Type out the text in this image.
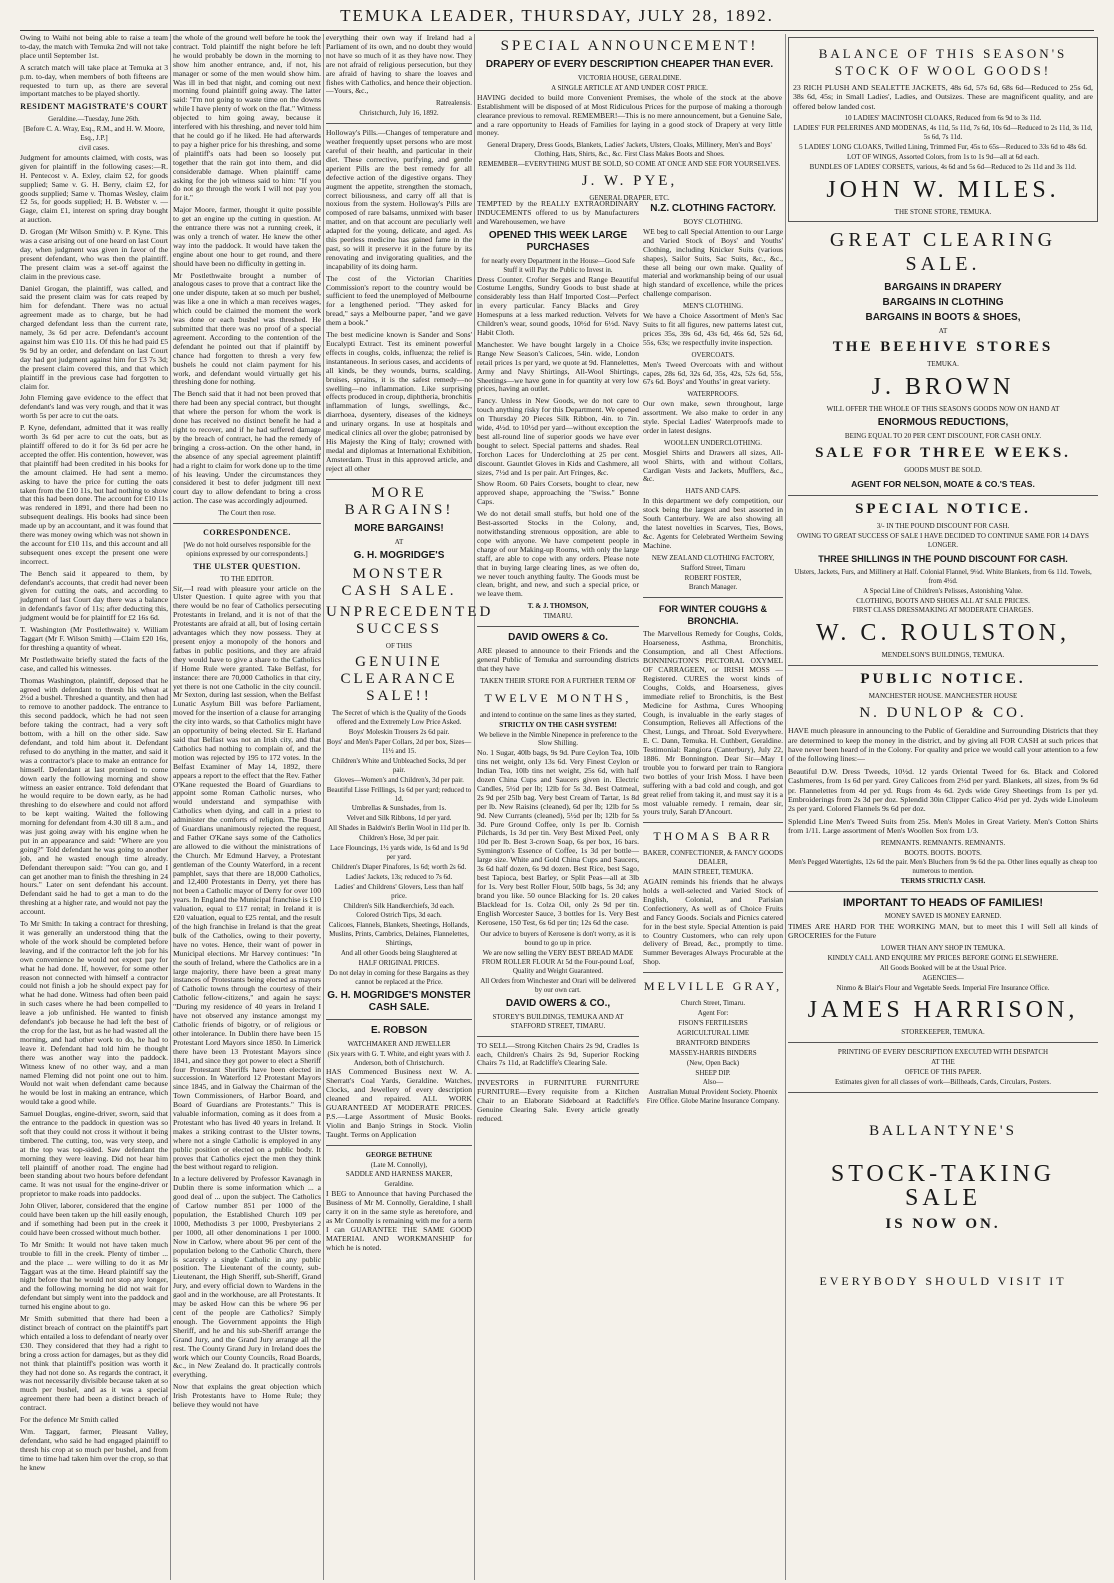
TEMUKA LEADER, THURSDAY, JULY 28, 1892.

Owing to Waihi not being able to raise a team to-day, the match with Temuka 2nd will not take place until September 1st.

A scratch match will take place at Temuka at 3 p.m. to-day, when members of both fifteens are requested to turn up, as there are several important matches to be played shortly.

RESIDENT MAGISTRATE'S COURT
Geraldine.—Tuesday, June 26th.
[Before C. A. Wray, Esq., R.M., and H. W. Moore, Esq., J.P.]
civil cases.

Judgment for amounts claimed, with costs, was given for plaintiff in the following cases:—R. H. Pentecost v. A. Exley, claim £2, for goods supplied; Same v. G. H. Berry, claim £2, for goods supplied; Same v. Thomas Wesley, claim £2 5s, for goods supplied; H. B. Webster v. — Gage, claim £1, interest on spring dray bought at auction.

D. Grogan (Mr Wilson Smith) v. P. Kyne. This was a case arising out of one heard on last Court day, when judgment was given in favor of the present defendant, who was then the plaintiff. The present claim was a set-off against the claim in the previous case.

Daniel Grogan, the plaintiff, was called, and said the present claim was for cats reaped by him for defendant. There was no actual agreement made as to charge, but he had charged defendant less than the current rate, namely, 3s 6d per acre. Defendant's account against him was £10 11s. Of this he had paid £5 9s 9d by an order, and defendant on last Court day had got judgment against him for £3 7s 3d; the present claim covered this, and that which plaintiff in the previous case had forgotten to claim for.

John Fleming gave evidence to the effect that defendant's land was very rough, and that it was worth 5s per acre to cut the oats.

P. Kyne, defendant, admitted that it was really worth 3s 6d per acre to cut the oats, but as plaintiff offered to do it for 3s 6d per acre he accepted the offer. His contention, however, was that plaintiff had been credited in his books for the amount claimed. He had sent a memo. asking to have the price for cutting the oats taken from the £10 11s, but had nothing to show that this had been done. The account for £10 11s was rendered in 1891, and there had been no subsequent dealings. His books had since been made up by an accountant, and it was found that there was money owing which was not shown in the account for £10 11s, and this account and all subsequent ones except the present one were incorrect.

The Bench said it appeared to them, by defendant's accounts, that credit had never been given for cutting the oats, and according to judgment of last Court day there was a balance in defendant's favor of 11s; after deducting this, judgment would be for plaintiff for £2 16s 6d.

T. Washington (Mr Postlethwaite) v. William Taggart (Mr F. Wilson Smith) —Claim £20 16s, for threshing a quantity of wheat.

Mr Postlethwaite briefly stated the facts of the case, and called his witnesses.

Thomas Washington, plaintiff, deposed that he agreed with defendant to thresh his wheat at 2½d a bushel. Threshed a quantity, and then had to remove to another paddock. The entrance to this second paddock, which he had not seen before taking the contract, had a very soft bottom, with a hill on the other side. Saw defendant, and told him about it. Defendant refused to do anything in the matter, and said it was a contractor's place to make an entrance for himself. Defendant at last promised to come down early the following morning and show witness an easier entrance. Told defendant that he would require to be down early, as he had threshing to do elsewhere and could not afford to be kept waiting. Waited the following morning for defendant from 4.30 till 8 a.m., and was just going away with his engine when he put in an appearance and said: "Where are you going?" Told defendant he was going to another job, and he wasted enough time already. Defendant thereupon said: "You can go, and I can get another man to finish the threshing in 24 hours." Later on sent defendant his account. Defendant said he had to get a man to do the threshing at a higher rate, and would not pay the account.

To Mr Smith: In taking a contract for threshing, it was generally an understood thing that the whole of the work should be completed before leaving, and if the contractor left the job for his own convenience he would not expect pay for what he had done. If, however, for some other reason not connected with himself a contractor could not finish a job he should expect pay for what he had done. Witness had often been paid in such cases where he had been compelled to leave a job unfinished. He wanted to finish defendant's job because he had left the best of the crop for the last, but as he had wasted all the morning, and had other work to do, he had to leave it. Defendant had told him he thought there was another way into the paddock. Witness knew of no other way, and a man named Fleming did not point one out to him. Would not wait when defendant came because he would be lost in making an entrance, which would take a good while.

Samuel Douglas, engine-driver, sworn, said that the entrance to the paddock in question was so soft that they could not cross it without it being timbered. The cutting, too, was very steep, and at the top was top-sided. Saw defendant the morning they were leaving. Did not hear him tell plaintiff of another road. The engine had been standing about two hours before defendant came. It was not usual for the engine-driver or proprietor to make roads into paddocks.

John Oliver, laborer, considered that the engine could have been taken up the hill easily enough, and if something had been put in the creek it could have been crossed without much bother.

To Mr Smith: It would not have taken much trouble to fill in the creek. Plenty of timber ... and the place ... were willing to do it as Mr Taggart was at the time. Heard plaintiff say the night before that he would not stop any longer, and the following morning he did not wait for defendant but simply went into the paddock and turned his engine about to go.

Mr Smith submitted that there had been a distinct breach of contract on the plaintiff's part which entailed a loss to defendant of nearly over £30. They considered that they had a right to bring a cross action for damages, but as they did not think that plaintiff's position was worth it they had not done so. As regards the contract, it was not necessarily divisible because taken at so much per bushel, and as it was a special agreement there had been a distinct breach of contract.

For the defence Mr Smith called

Wm. Taggart, farmer, Pleasant Valley, defendant, who said he had engaged plaintiff to thresh his crop at so much per bushel, and from time to time had taken him over the crop, so that he knew

the whole of the ground well before he took the contract. Told plaintiff the night before he left he would probably be down in the morning to show him another entrance, and, if not, his manager or some of the men would show him. Was ill in bed that night, and coming out next morning found plaintiff going away. The latter said: "I'm not going to waste time on the downs while I have plenty of work on the flat." Witness objected to him going away, because it interfered with his threshing, and never told him that he could go if he liked. He had afterwards to pay a higher price for his threshing, and some of plaintiff's oats had been so loosely put together that the rain got into them, and did considerable damage. When plaintiff came asking for the job witness said to him: "If you do not go through the work I will not pay you for it."

Major Moore, farmer, thought it quite possible to get an engine up the cutting in question. At the entrance there was not a running creek, it was only a trench of water. He knew the other way into the paddock. It would have taken the engine about one hour to get round, and there should have been no difficulty in getting in.

Mr Postlethwaite brought a number of analogous cases to prove that a contract like the one under dispute, taken at so much per bushel, was like a one in which a man receives wages, which could be claimed the moment the work was done or each bushel was threshed. He submitted that there was no proof of a special agreement. According to the contention of the defendant he pointed out that if plaintiff by chance had forgotten to thresh a very few bushels he could not claim payment for his work, and defendant would virtually get his threshing done for nothing.

The Bench said that it had not been proved that there had been any special contract, but thought that where the person for whom the work is done has received no distinct benefit he had a right to recover, and if he had suffered damage by the breach of contract, he had the remedy of bringing a cross-action. On the other hand, in the absence of any special agreement plaintiff had a right to claim for work done up to the time of his leaving. Under the circumstances they considered it best to defer judgment till next court day to allow defendant to bring a cross action. The case was accordingly adjourned.

The Court then rose.
CORRESPONDENCE.
[We do not hold ourselves responsible for the opinions expressed by our correspondents.]
THE ULSTER QUESTION.
TO THE EDITOR.

Sir,—I read with pleasure your article on the Ulster Question. I quite agree with you that there would be no fear of Catholics persecuting Protestants in Ireland, and it is not of that the Protestants are afraid at all, but of losing certain advantages which they now possess. They at present enjoy a monopoly of the honors and fatbas in public positions, and they are afraid they would have to give a share to the Catholics if Home Rule were granted. Take Belfast, for instance: there are 70,000 Catholics in that city, yet there is not one Catholic in the city council. Mr Sexton, during last session, when the Belfast Lunatic Asylum Bill was before Parliament, moved for the insertion of a clause for arranging the city into wards, so that Catholics might have an opportunity of being elected. Sir E. Harland said that Belfast was not an Irish city, and that Catholics had nothing to complain of, and the motion was rejected by 195 to 172 votes. In the Belfast Examiner of May 14, 1892, there appears a report to the effect that the Rev. Father O'Kane requested the Board of Guardians to appoint some Roman Catholic nurses, who would understand and sympathise with Catholics when dying, and call in a priest to administer the comforts of religion. The Board of Guardians unanimously rejected the request, and Father O'Kane says some of the Catholics are allowed to die without the ministrations of the Church. Mr Edmund Harvey, a Protestant gentleman of the County Waterford, in a recent pamphlet, says that there are 18,000 Catholics, and 12,400 Protestants in Derry, yet there has not been a Catholic mayor of Derry for over 100 years. In England the Municipal franchise is £10 valuation, equal to £17 rental; in Ireland it is £20 valuation, equal to £25 rental, and the result of the high franchise in Ireland is that the great bulk of the Catholics, owing to their poverty, have no votes. Hence, their want of power in Municipal elections. Mr Harvey continues: "In the south of Ireland, where the Catholics are in a large majority, there have been a great many instances of Protestants being elected as mayors of Catholic towns through the courtesy of their Catholic fellow-citizens," and again he says: "During my residence of 40 years in Ireland I have not observed any instance amongst my Catholic friends of bigotry, or of religious or other intolerance. In Dublin there have been 15 Protestant Lord Mayors since 1850. In Limerick there have been 13 Protestant Mayors since 1841, and since they got power to elect a Sheriff four Protestant Sheriffs have been elected in succession. In Waterford 12 Protestant Mayors since 1845, and in Galway the Chairman of the Town Commissioners, of Harbor Board, and Board of Guardians are Protestants." This is valuable information, coming as it does from a Protestant who has lived 40 years in Ireland. It makes a striking contrast to the Ulster towns, where not a single Catholic is employed in any public position or elected on a public body. It proves that Catholics eject the men they think the best without regard to religion.

In a lecture delivered by Professor Kavanagh in Dublin there is some information which ... a good deal of ... upon the subject. The Catholics of Carlow number 851 per 1000 of the population, the Established Church 109 per 1000, Methodists 3 per 1000, Presbyterians 2 per 1000, all other denominations 1 per 1000. Now in Carlow, where about 96 per cent of the population belong to the Catholic Church, there is scarcely a single Catholic in any public position. The Lieutenant of the county, sub-Lieutenant, the High Sheriff, sub-Sheriff, Grand Jury, and every official down to Wardens in the gaol and in the workhouse, are all Protestants. It may be asked How can this be where 96 per cent of the people are Catholics? Simply enough. The Government appoints the High Sheriff, and he and his sub-Sheriff arrange the Grand Jury, and the Grand Jury arrange all the rest. The County Grand Jury in Ireland does the work which our County Councils, Road Boards, &c., in New Zealand do. It practically controls everything.

Now that explains the great objection which Irish Protestants have to Home Rule; they believe they would not have

everything their own way if Ireland had a Parliament of its own, and no doubt they would not have so much of it as they have now. They are not afraid of religious persecution, but they are afraid of having to share the loaves and fishes with Catholics, and hence their objection. —Yours, &c.,

Ratrealensis.
Christchurch, July 16, 1892.

Holloway's Pills.—Changes of temperature and weather frequently upset persons who are most careful of their health, and particular in their diet. These corrective, purifying, and gentle aperient Pills are the best remedy for all defective action of the digestive organs. They augment the appetite, strengthen the stomach, correct biliousness, and carry off all that is noxious from the system. Holloway's Pills are composed of rare balsams, unmixed with baser matter, and on that account are peculiarly well adapted for the young, delicate, and aged. As this peerless medicine has gained fame in the past, so will it preserve it in the future by its renovating and invigorating qualities, and the incapability of its doing harm.

The cost of the Victorian Charities Commission's report to the country would be sufficient to feed the unemployed of Melbourne for a lengthened period. "They asked for bread," says a Melbourne paper, "and we gave them a book."

The best medicine known is Sander and Sons' Eucalypti Extract. Test its eminent powerful effects in coughs, colds, influenza; the relief is instantaneous. In serious cases, and accidents of all kinds, be they wounds, burns, scalding, bruises, sprains, it is the safest remedy—no swelling—no inflammation. Like surprising effects produced in croup, diphtheria, bronchitis inflammation of lungs, swellings, &c., diarrhoea, dysentery, diseases of the kidneys and urinary organs. In use at hospitals and medical clinics all over the globe; patronised by His Majesty the King of Italy; crowned with medal and diplomas at International Exhibition, Amsterdam. Trust in this approved article, and reject all other

MORE BARGAINS!
MORE BARGAINS!
AT
G. H. MOGRIDGE'S
MONSTER CASH SALE.
UNPRECEDENTED SUCCESS
OF THIS
GENUINE CLEARANCE SALE!!
The Secret of which is the Quality of the Goods offered and the Extremely Low Price Asked.
Boys' Moleskin Trousers 2s 6d pair.
Boys' and Men's Paper Collars, 2d per box, Sizes—11½ and 15.
Children's White and Unbleached Socks, 3d per pair.
Gloves—Women's and Children's, 3d per pair.
Beautiful Lisse Frillings, 1s 6d per yard; reduced to 1d.
Umbrellas & Sunshades, from 1s.
Velvet and Silk Ribbons, 1d per yard.
All Shades in Baldwin's Berlin Wool in 11d per lb.
Children's Hose, 3d per pair.
Lace Flouncings, 1½ yards wide, 1s 6d and 1s 9d per yard.
Children's Diaper Pinafores, 1s 6d; worth 2s 6d.
Ladies' Jackets, 13s; reduced to 7s 6d.
Ladies' and Childrens' Glovers, Less than half price.
Children's Silk Handkerchiefs, 3d each.
Colored Ostrich Tips, 3d each.
Calicoes, Flannels, Blankets, Sheetings, Hollands, Muslins, Prints, Cambrics, Delaines, Flannelettes, Shirtings,
And all other Goods being Slaughtered at
HALF ORIGINAL PRICES.
Do not delay in coming for these Bargains as they cannot be replaced at the Price.
G. H. MOGRIDGE'S MONSTER CASH SALE.
E. ROBSON
WATCHMAKER AND JEWELLER
(Six years with G. T. White, and eight years with J. Anderson, both of Christchurch.

HAS Commenced Business next W. A. Sherratt's Coal Yards, Geraldine. Watches, Clocks, and Jewellery of every description cleaned and repaired. ALL WORK GUARANTEED AT MODERATE PRICES. P.S.—Large Assortment of Music Books. Violin and Banjo Strings in Stock. Violin Taught. Terms on Application

GEORGE BETHUNE
(Late M. Connolly),
SADDLE AND HARNESS MAKER,
Geraldine.

I BEG to Announce that having Purchased the Business of Mr M. Connolly, Geraldine, I shall carry it on in the same style as heretofore, and as Mr Connolly is remaining with me for a term I can GUARANTEE THE SAME GOOD MATERIAL AND WORKMANSHIP for which he is noted.

SPECIAL ANNOUNCEMENT!
DRAPERY OF EVERY DESCRIPTION CHEAPER THAN EVER.
VICTORIA HOUSE, GERALDINE.
A SINGLE ARTICLE AT AND UNDER COST PRICE.

HAVING decided to build more Convenient Premises, the whole of the stock at the above Establishment will be disposed of at Most Ridiculous Prices for the purpose of making a thorough clearance previous to removal. REMEMBER!—This is no mere announcement, but a Genuine Sale, and a rare opportunity to Heads of Families for laying in a good stock of Drapery at very little money.

General Drapery, Dress Goods, Blankets, Ladies' Jackets, Ulsters, Cloaks, Millinery, Men's and Boys' Clothing, Hats, Shirts, &c., &c. First Class Makes Boots and Shoes.
REMEMBER—EVERYTHING MUST BE SOLD, SO COME AT ONCE AND SEE FOR YOURSELVES.
J. W. PYE,
GENERAL DRAPER, ETC.

TEMPTED by the REALLY EXTRAORDINARY INDUCEMENTS offered to us by Manufacturers and Warehousemen, we have

OPENED THIS WEEK LARGE PURCHASES
for nearly every Department in the House—Good Safe Stuff it will Pay the Public to Invest in.

Dress Counter. Crofter Serges and Range Beautiful Costume Lengths, Sundry Goods to bust shade at considerably less than Half Imported Cost—Perfect in every particular. Fancy Blacks and Grey Homespuns at a less marked reduction. Velvets for Children's wear, sound goods, 10½d for 6½d. Navy Habit Cloth.

Manchester. We have bought largely in a Choice Range New Season's Calicoes, 54in. wide, London retail prices 1s per yard, we quote at 9d. Flannelettes, Army and Navy Shirtings, All-Wool Shirtings, Sheetings—we have gone in for quantity at very low prices, having an outlet.

Fancy. Unless in New Goods, we do not care to touch anything risky for this Department. We opened on Thursday 20 Pieces Silk Ribbon, 4in. to 7in. wide, 4½d. to 10½d per yard—without exception the best all-round line of superior goods we have ever bought to select. Special patterns and shades. Real Torchon Laces for Underclothing at 25 per cent. discount. Gauntlet Gloves in Kids and Cashmere, all sizes, 7½d and 1s per pair. Art Fringes, &c.

Show Room. 60 Pairs Corsets, bought to clear, new approved shape, approaching the "Swiss." Bonne Caps.

We do not detail small stuffs, but hold one of the Best-assorted Stocks in the Colony, and, notwithstanding strenuous opposition, are able to cope with anyone. We have competent people in charge of our Making-up Rooms, with only the large staff, are able to cope with any orders. Please note that in buying large clearing lines, as we often do, we never touch anything faulty. The Goods must be clean, bright, and new, and such a special price, or we leave them.

T. & J. THOMSON,
TIMARU.
DAVID OWERS & Co.

ARE pleased to announce to their Friends and the general Public of Temuka and surrounding districts that they have

TAKEN THEIR STORE FOR A FURTHER TERM OF
TWELVE MONTHS,
and intend to continue on the same lines as they started,
STRICTLY ON THE CASH SYSTEM!
We believe in the Nimble Ninepence in preference to the Slow Shilling.

No. 1 Sugar, 40lb bags, 9s 9d. Pure Ceylon Tea, 10lb tins net weight, only 13s 6d. Very Finest Ceylon or Indian Tea, 10lb tins net weight, 25s 6d, with half dozen China Cups and Saucers given in. Electric Candles, 5½d per lb; 12lb for 5s 3d. Best Oatmeal, 2s 9d per 25lb bag. Very best Cream of Tartar, 1s 8d per lb. New Raisins (cleaned), 6d per lb; 12lb for 5s 9d. New Currants (cleaned), 5½d per lb; 12lb for 5s 3d. Pure Ground Coffee, only 1s per lb. Cornish Pilchards, 1s 3d per tin. Very Best Mixed Peel, only 10d per lb. Best 3-crown Soap, 6s per box, 16 bars. Symington's Essence of Coffee, 1s 3d per bottle—large size. White and Gold China Cups and Saucers, 3s 6d half dozen, 6s 9d dozen. Best Rice, best Sago, best Tapioca, best Barley, or Split Peas—all at 3lb for 1s. Very best Roller Flour, 50lb bags, 5s 3d; any brand you like. 50 ounce Blacking for 1s. 20 cakes Blacklead for 1s. Colza Oil, only 2s 9d per tin. English Worcester Sauce, 3 bottles for 1s. Very Best Kerosene, 150 Test, 6s 6d per tin; 12s 6d the case.

Our advice to buyers of Kerosene is don't worry, as it is bound to go up in price.
We are now selling the VERY BEST BREAD MADE FROM ROLLER FLOUR At 5d the Four-pound Loaf, Quality and Weight Guaranteed.
All Orders from Winchester and Orari will be delivered by our own cart.
DAVID OWERS & CO.,
STOREY'S BUILDINGS, TEMUKA AND AT STAFFORD STREET, TIMARU.

TO SELL—Strong Kitchen Chairs 2s 9d, Cradles 1s each, Children's Chairs 2s 9d, Superior Rocking Chairs 7s 11d, at Radcliffe's Clearing Sale.

INVESTORS in FURNITURE FURNITURE FURNITURE—Every requisite from a Kitchen Chair to an Elaborate Sideboard at Radcliffe's Genuine Clearing Sale. Every article greatly reduced.

N.Z. CLOTHING FACTORY.
BOYS' CLOTHING.

WE beg to call Special Attention to our Large and Varied Stock of Boys' and Youths' Clothing, including Knicker Suits (various shapes), Sailor Suits, Sac Suits, &c., &c., these all being our own make. Quality of material and workmanship being of our usual high standard of excellence, while the prices challenge comparison.

MEN'S CLOTHING.

We have a Choice Assortment of Men's Sac Suits to fit all figures, new patterns latest cut, prices 35s, 39s 6d, 43s 6d, 46s 6d, 52s 6d, 55s, 63s; we respectfully invite inspection.

OVERCOATS.

Men's Tweed Overcoats with and without capes, 28s 6d, 32s 6d, 35s, 42s, 52s 6d, 55s, 67s 6d. Boys' and Youths' in great variety.

WATERPROOFS.

Our own make, sewn throughout, large assortment. We also make to order in any style. Special Ladies' Waterproofs made to order in latest designs.

WOOLLEN UNDERCLOTHING.

Mosgiel Shirts and Drawers all sizes, All-wool Shirts, with and without Collars, Cardigan Vests and Jackets, Mufflers, &c., &c.

HATS AND CAPS.

In this department we defy competition, our stock being the largest and best assorted in South Canterbury. We are also showing all the latest novelties in Scarves, Ties, Bows, &c. Agents for Celebrated Wertheim Sewing Machine.

NEW ZEALAND CLOTHING FACTORY,
Stafford Street, Timaru
ROBERT FOSTER,
Branch Manager.
FOR WINTER COUGHS & BRONCHIA.

The Marvellous Remedy for Coughs, Colds, Hoarseness, Asthma, Bronchitis, Consumption, and all Chest Affections. BONNINGTON'S PECTORAL OXYMEL OF CARRAGEEN, or IRISH MOSS — Registered. CURES the worst kinds of Coughs, Colds, and Hoarseness, gives immediate relief to Bronchitis, is the Best Medicine for Asthma, Cures Whooping Cough, is invaluable in the early stages of Consumption, Relieves all Affections of the Chest, Lungs, and Throat. Sold Everywhere. E. C. Dann, Temuka. H. Cuthbert, Geraldine. Testimonial: Rangiora (Canterbury), July 22, 1886. Mr Bonnington. Dear Sir—May I trouble you to forward per train to Rangiora two bottles of your Irish Moss. I have been suffering with a bad cold and cough, and got great relief from taking it, and must say it is a most valuable remedy. I remain, dear sir, yours truly, Sarah D'Ancourt.

THOMAS BARR
BAKER, CONFECTIONER, & FANCY GOODS DEALER,
MAIN STREET, TEMUKA.

AGAIN reminds his friends that he always holds a well-selected and Varied Stock of English, Colonial, and Parisian Confectionery, As well as of Choice Fruits and Fancy Goods. Socials and Picnics catered for in the best style. Special Attention is paid to Country Customers, who can rely upon delivery of Bread, &c., promptly to time. Summer Beverages Always Procurable at the Shop.

MELVILLE GRAY,
Church Street, Timaru.
Agent For:
FISON'S FERTILISERS
AGRICULTURAL LIME
BRANTFORD BINDERS
MASSEY-HARRIS BINDERS
(New, Open Back)
SHEEP DIP.
Also—
Australian Mutual Provident Society. Phoenix Fire Office. Globe Marine Insurance Company.
BALANCE OF THIS SEASON'S STOCK OF WOOL GOODS!

23 RICH PLUSH AND SEALETTE JACKETS, 48s 6d, 57s 6d, 68s 6d—Reduced to 25s 6d, 38s 6d, 45s; in Small Ladies', Ladies, and Outsizes. These are magnificent quality, and are offered below landed cost.

10 LADIES' MACINTOSH CLOAKS, Reduced from 6s 9d to 3s 11d.
LADIES' FUR PELERINES AND MODENAS, 4s 11d, 5s 11d, 7s 6d, 10s 6d—Reduced to 2s 11d, 3s 11d, 5s 6d, 7s 11d.
5 LADIES' LONG CLOAKS, Twilled Lining, Trimmed Fur, 45s to 65s—Reduced to 33s 6d to 48s 6d.
LOT OF WINGS, Assorted Colors, from 1s to 1s 9d—all at 6d each.
BUNDLES OF LADIES' CORSETS, various, 4s 6d and 5s 6d—Reduced to 2s 11d and 3s 11d.
JOHN W. MILES.
THE STONE STORE, TEMUKA.
GREAT CLEARING SALE.
BARGAINS IN DRAPERY
BARGAINS IN CLOTHING
BARGAINS IN BOOTS & SHOES,
AT
THE BEEHIVE STORES
TEMUKA.
J. BROWN
WILL OFFER THE WHOLE OF THIS SEASON'S GOODS NOW ON HAND AT
ENORMOUS REDUCTIONS,
BEING EQUAL TO 20 PER CENT DISCOUNT, FOR CASH ONLY.
SALE FOR THREE WEEKS.
GOODS MUST BE SOLD.
AGENT FOR NELSON, MOATE & CO.'S TEAS.
SPECIAL NOTICE.
3/- IN THE POUND DISCOUNT FOR CASH.
OWING TO GREAT SUCCESS OF SALE I HAVE DECIDED TO CONTINUE SAME FOR 14 DAYS LONGER.
THREE SHILLINGS IN THE POUND DISCOUNT FOR CASH.
Ulsters, Jackets, Furs, and Millinery at Half. Colonial Flannel, 9¼d. White Blankets, from 6s 11d. Towels, from 4½d.
A Special Line of Children's Pelisses, Astonishing Value.
CLOTHING, BOOTS AND SHOES ALL AT SALE PRICES.
FIRST CLASS DRESSMAKING AT MODERATE CHARGES.
W. C. ROULSTON,
MENDELSON'S BUILDINGS, TEMUKA.
PUBLIC NOTICE.
MANCHESTER HOUSE. MANCHESTER HOUSE
N. DUNLOP & CO.

HAVE much pleasure in announcing to the Public of Geraldine and Surrounding Districts that they are determined to keep the money in the district, and by giving all FOR CASH at such prices that have never been heard of in the Colony. For quality and price we would call your attention to a few of the following lines:—

Beautiful D.W. Dress Tweeds, 10½d. 12 yards Oriental Tweed for 6s. Black and Colored Cashmeres, from 1s 6d per yard. Grey Calicoes from 2½d per yard. Blankets, all sizes, from 9s 6d pr. Flannelettes from 4d per yd. Rugs from 4s 6d. 2yds wide Grey Sheetings from 1s per yd. Embroiderings from 2s 3d per doz. Splendid 30in Clipper Calico 4½d per yd. 2yds wide Linoleum 2s per yard. Colored Flannels 9s 6d per doz.

Splendid Line Men's Tweed Suits from 25s. Men's Moles in Great Variety. Men's Cotton Shirts from 1/11. Large assortment of Men's Woollen Sox from 1/3.

REMNANTS. REMNANTS. REMNANTS.
BOOTS. BOOTS. BOOTS.
Men's Pegged Watertights, 12s 6d the pair. Men's Bluchers from 9s 6d the pa. Other lines equally as cheap too numerous to mention.
TERMS STRICTLY CASH.
IMPORTANT TO HEADS OF FAMILIES!
MONEY SAVED IS MONEY EARNED.

TIMES ARE HARD FOR THE WORKING MAN, but to meet this I will Sell all kinds of GROCERIES for the Future

LOWER THAN ANY SHOP IN TEMUKA.
KINDLY CALL AND ENQUIRE MY PRICES BEFORE GOING ELSEWHERE.
All Goods Booked will be at the Usual Price.
AGENCIES—
Ninmo & Blair's Flour and Vegetable Seeds. Imperial Fire Insurance Office.
JAMES HARRISON,
STOREKEEPER, TEMUKA.
PRINTING OF EVERY DESCRIPTION EXECUTED WITH DESPATCH
AT THE
OFFICE OF THIS PAPER.
Estimates given for all classes of work—Billheads, Cards, Circulars, Posters.
BALLANTYNE'S
STOCK-TAKING SALE
IS NOW ON.
EVERYBODY SHOULD VISIT IT
